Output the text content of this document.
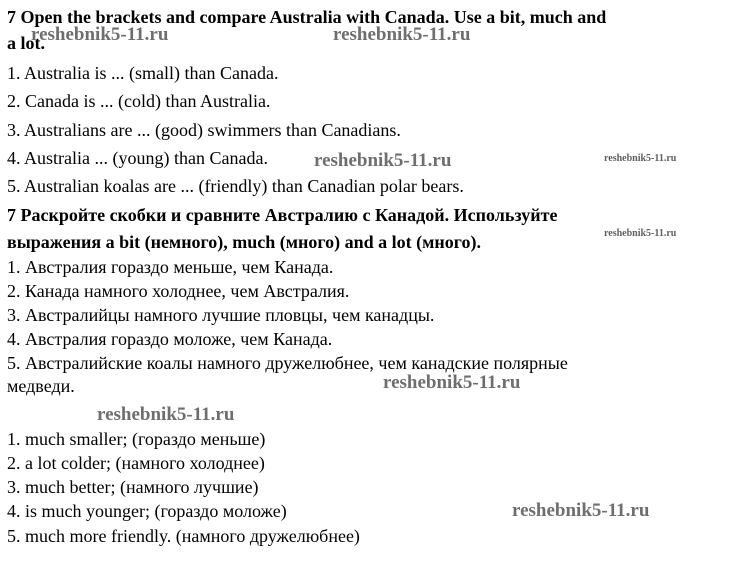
7 Open the brackets and compare Australia with Canada. Use a bit, much and
a lot.
1. Australia is ... (small) than Canada.
2. Canada is ... (cold) than Australia.
3. Australians are ... (good) swimmers than Canadians.
4. Australia ... (young) than Canada.
5. Australian koalas are ... (friendly) than Canadian polar bears.
7 Раскройте скобки и сравните Австралию с Канадой. Используйте
выражения a bit (немного), much (много) and a lot (много).
1. Австралия гораздо меньше, чем Канада.
2. Канада намного холоднее, чем Австралия.
3. Австралийцы намного лучшие пловцы, чем канадцы.
4. Австралия гораздо моложе, чем Канада.
5. Австралийские коалы намного дружелюбнее, чем канадские полярные
медведи.
1. much smaller; (гораздо меньше)
2. a lot colder; (намного холоднее)
3. much better; (намного лучшие)
4. is much younger; (гораздо моложе)
5. much more friendly. (намного дружелюбнее)
reshebnik5-11.ru	reshebnik5-11.ru
reshebnik5-11.ru	reshebnik5-11.ru
reshebnik5-11.ru
reshebnik5-11.ru
reshebnik5-11.ru
reshebnik5-11.ru
